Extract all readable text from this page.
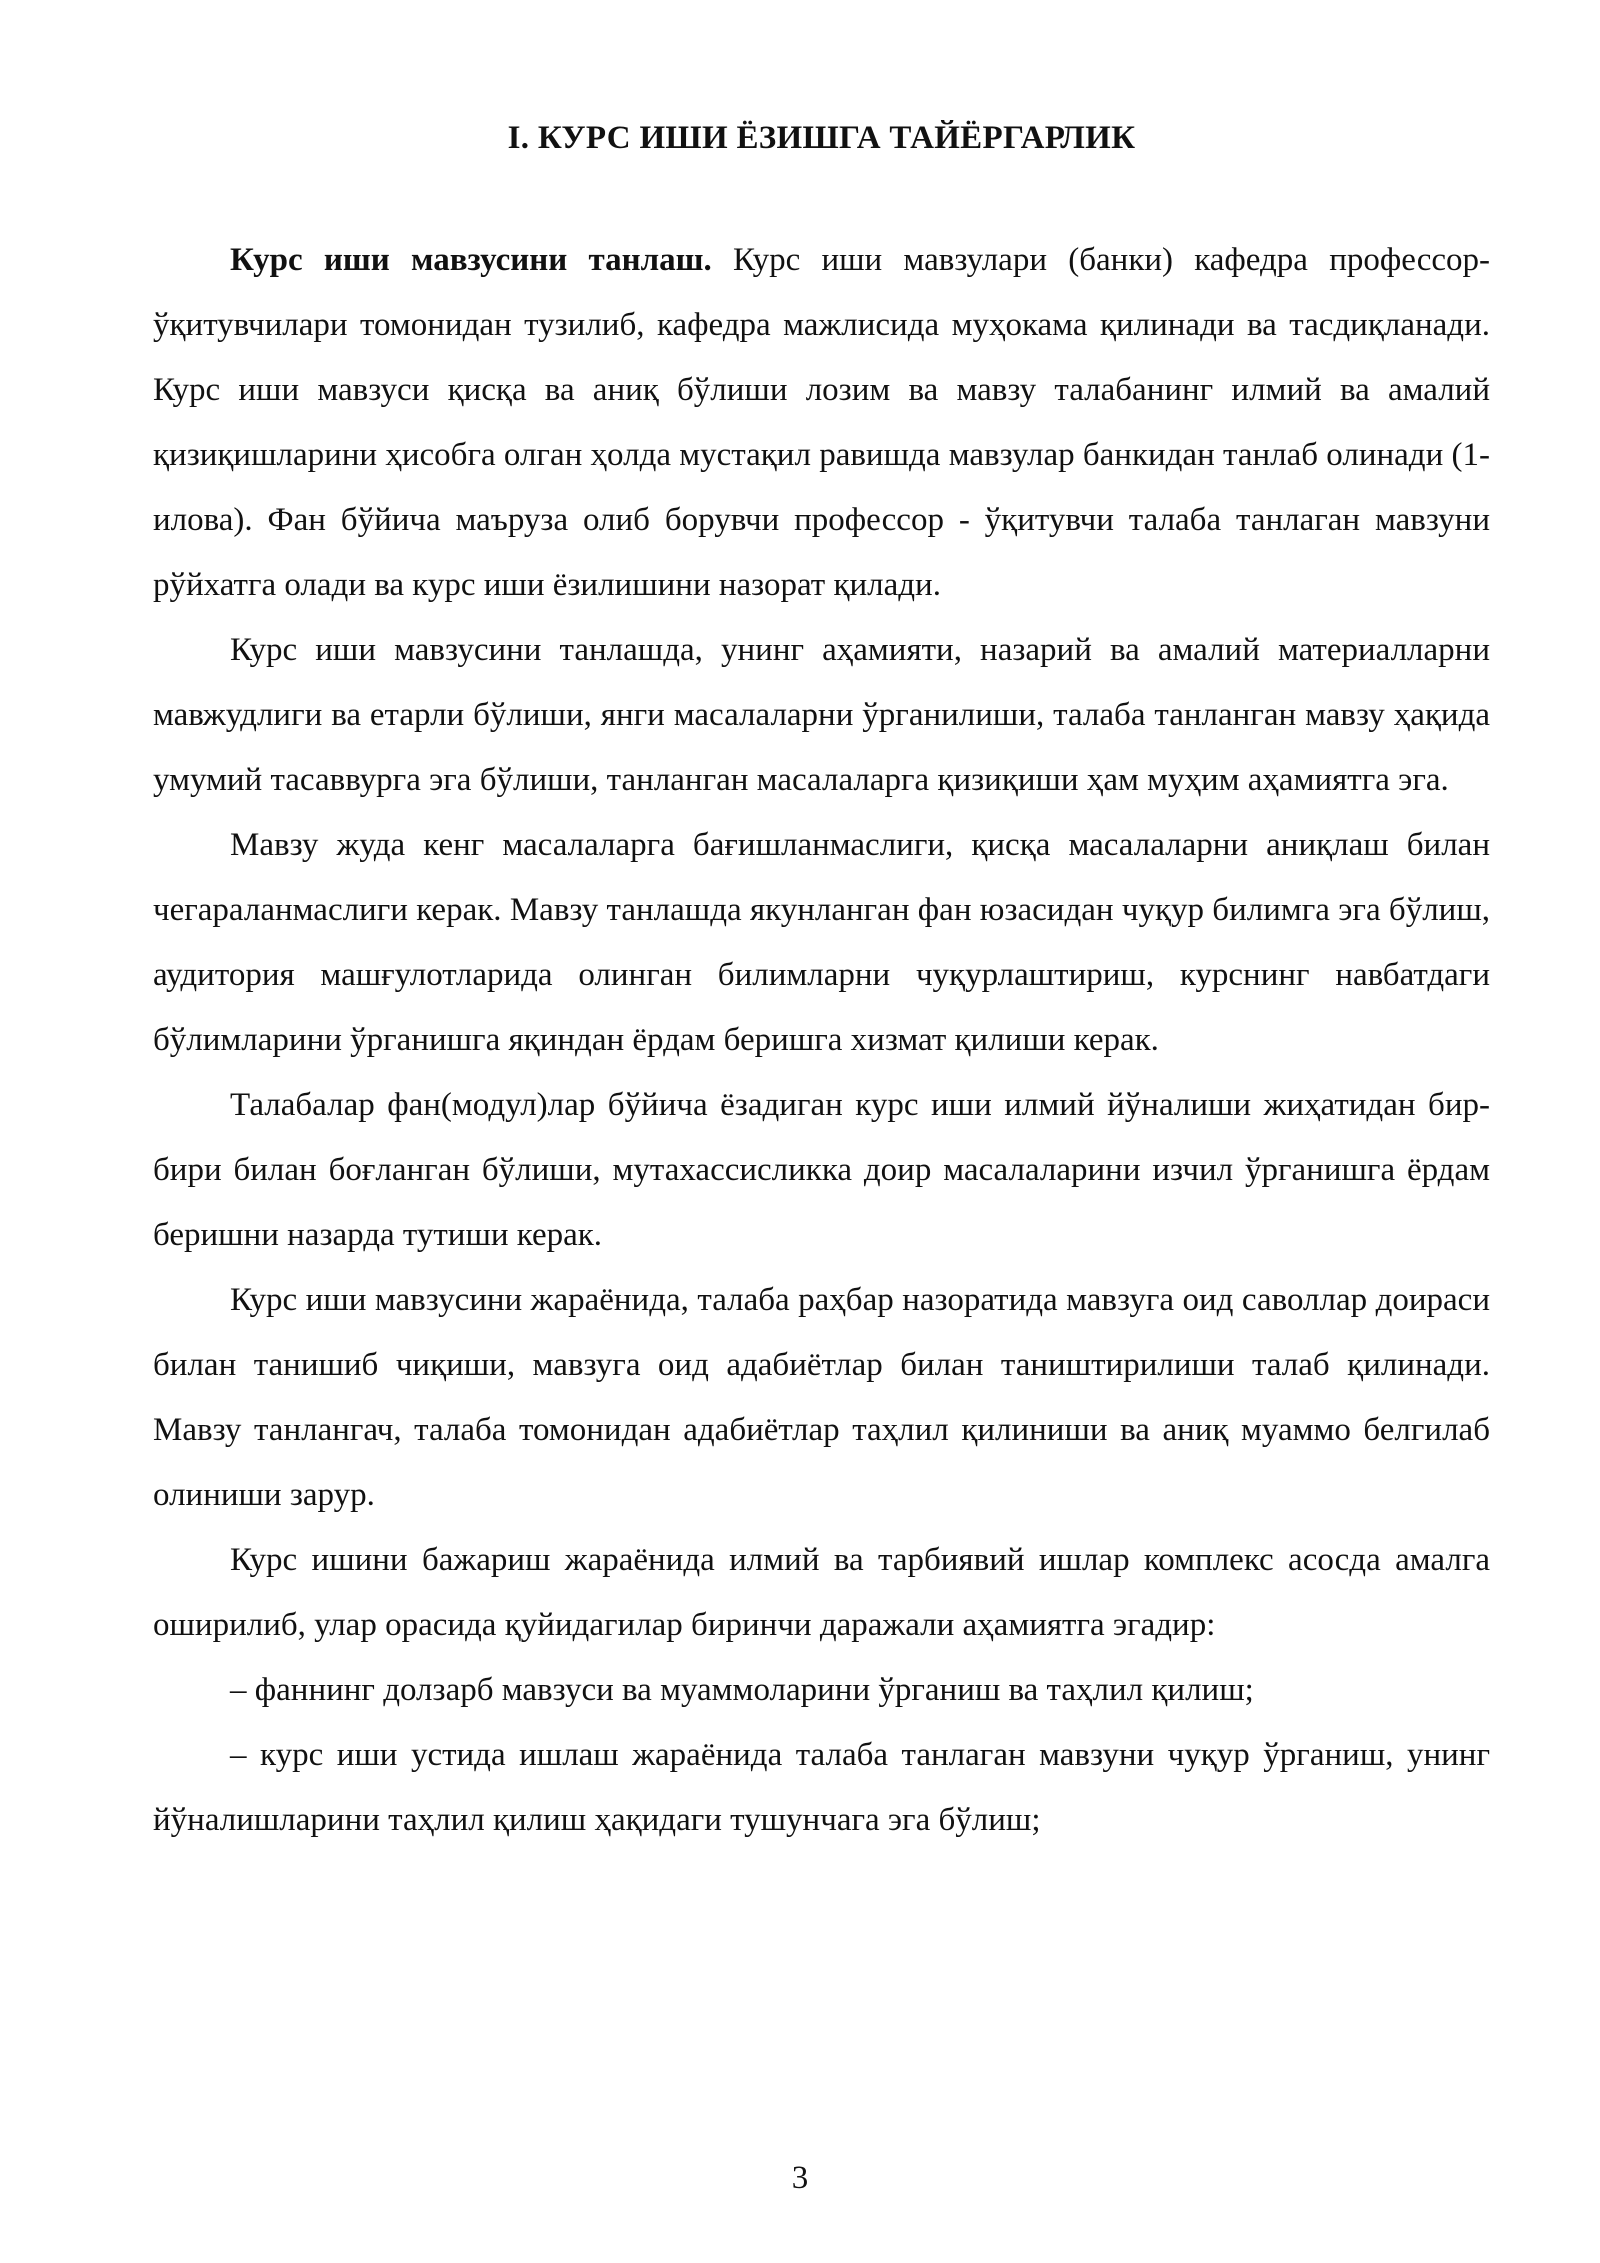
I. КУРС ИШИ ЁЗИШГА ТАЙЁРГАРЛИК

Курс иши мавзусини танлаш. Курс иши мавзулари (банки) кафедра профессор-ўқитувчилари томонидан тузилиб, кафедра мажлисида муҳокама қилинади ва тасдиқланади. Курс иши мавзуси қисқа ва аниқ бўлиши лозим ва мавзу талабанинг илмий ва амалий қизиқишларини ҳисобга олган ҳолда мустақил равишда мавзулар банкидан танлаб олинади (1-илова). Фан бўйича маъруза олиб борувчи профессор - ўқитувчи талаба танлаган мавзуни рўйхатга олади ва курс иши ёзилишини назорат қилади.

Курс иши мавзусини танлашда, унинг аҳамияти, назарий ва амалий материалларни мавжудлиги ва етарли бўлиши, янги масалаларни ўрганилиши, талаба танланган мавзу ҳақида умумий тасаввурга эга бўлиши, танланган масалаларга қизиқиши ҳам муҳим аҳамиятга эга.

Мавзу жуда кенг масалаларга бағишланмаслиги, қисқа масалаларни аниқлаш билан чегараланмаслиги керак. Мавзу танлашда якунланган фан юзасидан чуқур билимга эга бўлиш, аудитория машғулотларида олинган билимларни чуқурлаштириш, курснинг навбатдаги бўлимларини ўрганишга яқиндан ёрдам беришга хизмат қилиши керак.

Талабалар фан(модул)лар бўйича ёзадиган курс иши илмий йўналиши жиҳатидан бир-бири билан боғланган бўлиши, мутахассисликка доир масалаларини изчил ўрганишга ёрдам беришни назарда тутиши керак.

Курс иши мавзусини жараёнида, талаба раҳбар назоратида мавзуга оид саволлар доираси билан танишиб чиқиши, мавзуга оид адабиётлар билан таништирилиши талаб қилинади. Мавзу танлангач, талаба томонидан адабиётлар таҳлил қилиниши ва аниқ муаммо белгилаб олиниши зарур.

Курс ишини бажариш жараёнида илмий ва тарбиявий ишлар комплекс асосда амалга оширилиб, улар орасида қуйидагилар биринчи даражали аҳамиятга эгадир:

– фаннинг долзарб мавзуси ва муаммоларини ўрганиш ва таҳлил қилиш;

– курс иши устида ишлаш жараёнида талаба танлаган мавзуни чуқур ўрганиш, унинг йўналишларини таҳлил қилиш ҳақидаги тушунчага эга бўлиш;

3
